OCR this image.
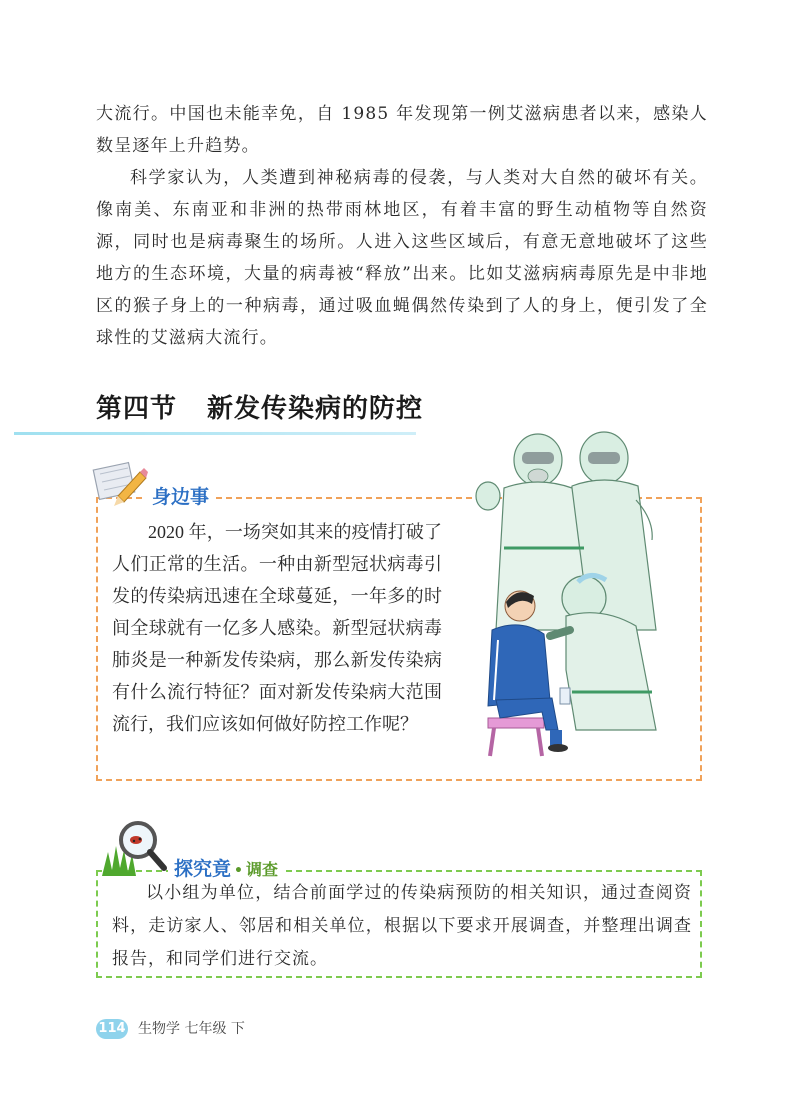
大流行。中国也未能幸免，自 1985 年发现第一例艾滋病患者以来，感染人数呈逐年上升趋势。

科学家认为，人类遭到神秘病毒的侵袭，与人类对大自然的破坏有关。像南美、东南亚和非洲的热带雨林地区，有着丰富的野生动植物等自然资源，同时也是病毒聚生的场所。人进入这些区域后，有意无意地破坏了这些地方的生态环境，大量的病毒被“释放”出来。比如艾滋病病毒原先是中非地区的猴子身上的一种病毒，通过吸血蝇偶然传染到了人的身上，便引发了全球性的艾滋病大流行。

第四节 新发传染病的防控
身边事

2020 年，一场突如其来的疫情打破了人们正常的生活。一种由新型冠状病毒引发的传染病迅速在全球蔓延，一年多的时间全球就有一亿多人感染。新型冠状病毒肺炎是一种新发传染病，那么新发传染病有什么流行特征？面对新发传染病大范围流行，我们应该如何做好防控工作呢？

探究竟 • 调查

以小组为单位，结合前面学过的传染病预防的相关知识，通过查阅资料，走访家人、邻居和相关单位，根据以下要求开展调查，并整理出调查报告，和同学们进行交流。

114 生物学 七年级 下
